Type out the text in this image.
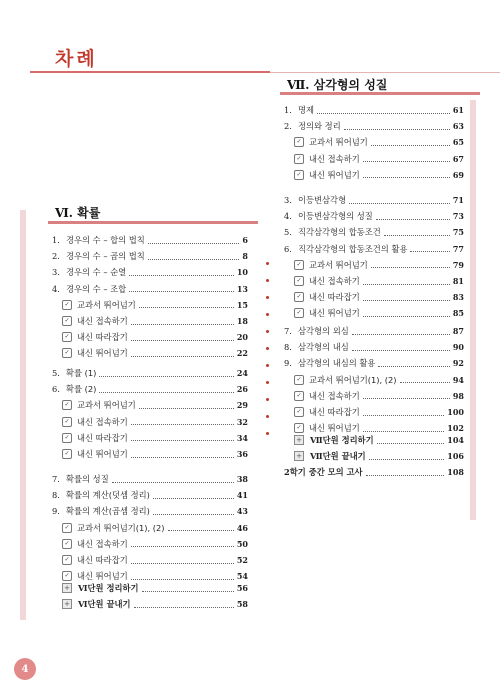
차례
Ⅵ. 확률
1. 경우의 수 – 합의 법칙	6
2. 경우의 수 – 곱의 법칙	8
3. 경우의 수 – 순열	10
4. 경우의 수 – 조합	13
✓ 교과서 뛰어넘기	15
✓ 내신 접속하기	18
✓ 내신 따라잡기	20
✓ 내신 뛰어넘기	22
5. 확률 (1)	24
6. 확률 (2)	26
✓ 교과서 뛰어넘기	29
✓ 내신 접속하기	32
✓ 내신 따라잡기	34
✓ 내신 뛰어넘기	36
7. 확률의 성질	38
8. 확률의 계산(덧셈 정리)	41
9. 확률의 계산(곱셈 정리)	43
✓ 교과서 뛰어넘기(1), (2)	46
✓ 내신 접속하기	50
✓ 내신 따라잡기	52
✓ 내신 뛰어넘기	54
+ Ⅵ단원 정리하기	56
+ Ⅵ단원 끝내기	58
Ⅶ. 삼각형의 성질
1. 명제	61
2. 정의와 정리	63
✓ 교과서 뛰어넘기	65
✓ 내신 접속하기	67
✓ 내신 뛰어넘기	69
3. 이등변삼각형	71
4. 이등변삼각형의 성질	73
5. 직각삼각형의 합동조건	75
6. 직각삼각형의 합동조건의 활용	77
✓ 교과서 뛰어넘기	79
✓ 내신 접속하기	81
✓ 내신 따라잡기	83
✓ 내신 뛰어넘기	85
7. 삼각형의 외심	87
8. 삼각형의 내심	90
9. 삼각형의 내심의 활용	92
✓ 교과서 뛰어넘기(1), (2)	94
✓ 내신 접속하기	98
✓ 내신 따라잡기	100
✓ 내신 뛰어넘기	102
+ Ⅶ단원 정리하기	104
+ Ⅶ단원 끝내기	106
2학기 중간 모의 고사	108
4
